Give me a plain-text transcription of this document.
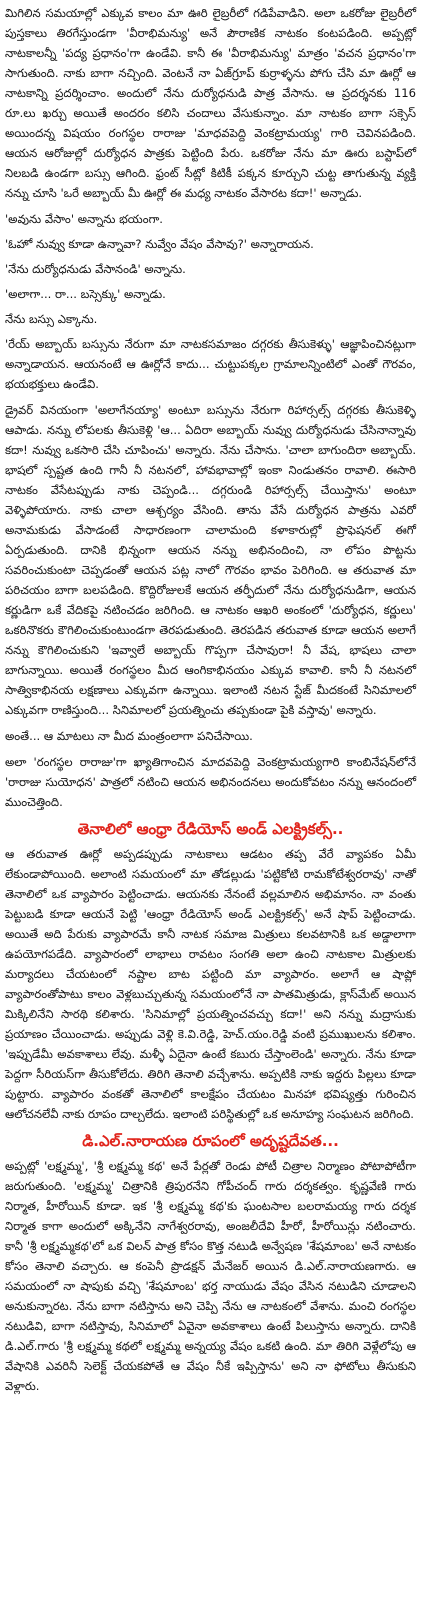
మిగిలిన సమయాల్లో ఎక్కువ కాలం మా ఊరి లైబ్రరీలో గడిపేవాడిని. అలా ఒకరోజు లైబ్రరీలో పుస్తకాలు తిరగేస్తుండగా 'వీరాభిమన్యు' అనే పౌరాణిక నాటకం కంటపడింది. అప్పట్లో నాటకాలన్నీ 'పద్య ప్రధానం'గా ఉండేవి. కానీ ఈ 'వీరాభిమన్యు' మాత్రం 'వచన ప్రధానం'గా సాగుతుంది. నాకు బాగా నచ్చింది. వెంటనే నా ఏజ్‌గ్రూప్ కుర్రాళ్ళను పోగు చేసి మా ఊర్లో ఆ నాటకాన్ని ప్రదర్శించాం. అందులో నేను దుర్యోధనుడి పాత్ర వేసాను. ఆ ప్రదర్శనకు 116 రూ.లు ఖర్చు అయితే అందరం కలిసి చందాలు వేసుకున్నాం. మా నాటకం బాగా సక్సెస్ అయిందన్న విషయం రంగస్థల రారాజు 'మాధవపెద్ది వెంకట్రామయ్య' గారి చెవినపడింది. ఆయన ఆరోజుల్లో దుర్యోధన పాత్రకు పెట్టింది పేరు. ఒకరోజు నేను మా ఊరు బస్టాప్‌లో నిలబడి ఉండగా బస్సు ఆగింది. ఫ్రంట్ సీట్లో కిటికీ పక్కన కూర్చుని చుట్ట తాగుతున్న వ్యక్తి నన్ను చూసి 'ఒరే అబ్బాయ్ మీ ఊర్లో ఈ మధ్య నాటకం వేసారట కదా!' అన్నాడు.

'అవును వేసాం' అన్నాను భయంగా.

'ఓహో నువ్వు కూడా ఉన్నావా? నువ్వేం వేషం వేసావు?' అన్నారాయన.

'నేను దుర్యోధనుడు వేసానండి' అన్నాను.

'అలాగా... రా... బస్సెక్కు' అన్నాడు.

నేను బస్సు ఎక్కాను.

'రేయ్ అబ్బాయ్ బస్సును నేరుగా మా నాటకసమాజం దగ్గరకు తీసుకెళ్ళు' ఆజ్ఞాపించినట్లుగా అన్నాడాయన. ఆయనంటే ఆ ఊర్లోనే కాదు... చుట్టుపక్కల గ్రామాలన్నింటిలో ఎంతో గౌరవం, భయభక్తులు ఉండేవి.

డ్రైవర్ వినయంగా 'అలాగేనయ్యా' అంటూ బస్సును నేరుగా రిహార్సల్స్ దగ్గరకు తీసుకెళ్ళి ఆపాడు. నన్ను లోపలకు తీసుకెళ్లి 'ఆ... ఏదిరా అబ్బాయ్ నువ్వు దుర్యోధనుడు చేసినాన్నావు కదా! నువ్వు ఒకసారి చేసి చూపించు' అన్నారు. నేను చేసాను. 'చాలా బాగుందిరా అబ్బాయ్. భాషలో స్పష్టత ఉంది గానీ నీ నటనలో, హావభావాల్లో ఇంకా నిండుతనం రావాలి. ఈసారి నాటకం వేసేటప్పుడు నాకు చెప్పండి... దగ్గరుండి రిహార్సల్స్ చేయిస్తాను' అంటూ వెళ్ళిపోయారు. నాకు చాలా ఆశ్చర్యం వేసింది. తాను వేసే దుర్యోధన పాత్రను ఎవరో అనామకుడు వేసాడంటే సాధారణంగా చాలామంది కళాకారుల్లో ప్రొఫెషనల్ ఈగో ఏర్పడుతుంది. దానికి భిన్నంగా ఆయన నన్ను అభినందించి, నా లోపం పొట్టను సవరించుకుంటా చెప్పడంతో ఆయన పట్ల నాలో గౌరవం భావం పెరిగింది. ఆ తరువాత మా పరిచయం బాగా బలపడింది. కొద్దిరోజులకే ఆయన తర్ఫీదులో నేను దుర్యోధనుడిగా, ఆయన కర్ణుడిగా ఒకే వేదికపై నటించడం జరిగింది. ఆ నాటకం ఆఖరి అంకంలో 'దుర్యోధన, కర్ణులు' ఒకరినొకరు కౌగిలించుకుంటుండగా తెరపడుతుంది. తెరపడిన తరువాత కూడా ఆయన అలాగే నన్ను కౌగిలించుకుని 'ఇవ్వాలే అబ్బాయ్ గొప్పగా చేసావురా! నీ వేష, భాషలు చాలా బాగున్నాయి. అయితే రంగస్థలం మీద ఆంగికాభినయం ఎక్కువ కావాలి. కానీ నీ నటనలో సాత్వికాభినయ లక్షణాలు ఎక్కువగా ఉన్నాయి. ఇలాంటి నటన స్టేజ్ మీదకంటే సినిమాలలో ఎక్కువగా రాణిస్తుంది... సినిమాలలో ప్రయత్నించు తప్పకుండా పైకి వస్తావు' అన్నారు.

అంతే... ఆ మాటలు నా మీద మంత్రంలాగా పనిచేసాయి.

అలా 'రంగస్థల రారాజు'గా ఖ్యాతిగాంచిన మాదవపెద్ది వెంకట్రామయ్యగారి కాంబినేషన్‌లోనే 'రారాజు సుయోధన' పాత్రలో నటించి ఆయన అభినందనలు అందుకోవటం నన్ను ఆనందంలో ముంచెత్తింది.

తెనాలిలో ఆంధ్రా రేడియోస్ అండ్ ఎలక్ట్రికల్స్..

ఆ తరువాత ఊర్లో అప్పడప్పుడు నాటకాలు ఆడటం తప్ప వేరే వ్యాపకం ఏమీ లేకుండాపోయింది. అలాంటి సమయంలో మా తోడల్లుడు 'పట్టికోటి రామకోటేశ్వరరావు' నాతో తెనాలిలో ఒక వ్యాపారం పెట్టించాడు. ఆయనకు నేనంటే వల్లమాలిన అభిమానం. నా వంతు పెట్టుబడి కూడా ఆయనే పెట్టి 'ఆంధ్రా రేడియోస్ అండ్ ఎలక్ట్రికల్స్' అనే షాప్ పెట్టించాడు. అయితే అది పేరుకు వ్యాపారమే కానీ నాటక సమాజ మిత్రులు కలవటానికి ఒక అడ్డాలాగా ఉపయోగపడేది. వ్యాపారంలో లాభాలు రావటం సంగతి అలా ఉంచి నాటకాల మిత్రులకు మర్యాదలు చేయటంలో నష్టాల బాట పట్టింది మా వ్యాపారం. అలాగే ఆ షాప్లో వ్యాపారంతోపాటు కాలం వెళ్లబుచ్చుతున్న సమయంలోనే నా పాతమిత్రుడు, క్లాస్‌మేట్ అయిన మిక్కిలినేని సారథి కలిశారు. 'సినిమాల్లో ప్రయత్నించవచ్చు కదా!' అని నన్ను మద్రాసుకు ప్రయాణం చేయించాడు. అప్పుడు వెళ్లి కె.వి.రెడ్డి, హెచ్.యం.రెడ్డి వంటి ప్రముఖులను కలిశాం. 'ఇప్పుడేమీ అవకాశాలు లేవు. మళ్ళీ ఏదైనా ఉంటే కబురు చేస్తాంలెండి' అన్నారు. నేను కూడా పెద్దగా సీరియస్‌గా తీసుకోలేదు. తిరిగి తెనాలి వచ్చేశాను. అప్పటికి నాకు ఇద్దరు పిల్లలు కూడా పుట్టారు. వ్యాపారం వంకతో తెనాలిలో కాలక్షేపం చేయటం మినహా భవిష్యత్తు గురించిన ఆలోచనలేవీ నాకు రూపం దాల్చలేదు. ఇలాంటి పరిస్థితుల్లో ఒక అనూహ్య సంఘటన జరిగింది.

డి.ఎల్.నారాయణ రూపంలో అదృష్టదేవత...

అప్పట్లో 'లక్ష్మమ్మ', 'శ్రీ లక్ష్మమ్మ కథ' అనే పేర్లతో రెండు పోటీ చిత్రాల నిర్మాణం పోటాపోటీగా జరుగుతుంది. 'లక్ష్మమ్మ' చిత్రానికి త్రిపురనేని గోపీచంద్ గారు దర్శకత్వం. కృష్ణవేణి గారు నిర్మాత, హీరోయిన్ కూడా. ఇక 'శ్రీ లక్ష్మమ్మ కథ'కు ఘంటసాల బలరామయ్య గారు దర్శక నిర్మాత కాగా అందులో అక్కినేని నాగేశ్వరరావు, అంజలీదేవి హీరో, హీరోయిన్లు నటించారు. కానీ 'శ్రీ లక్ష్మమ్మకథ'లో ఒక విలన్ పాత్ర కోసం కొత్త నటుడి అన్వేషణ 'శేషమాంబ' అనే నాటకం కోసం తెనాలి వచ్చారు. ఆ కంపెనీ ప్రొడక్షన్ మేనేజర్ అయిన డి.ఎల్.నారాయణగారు. ఆ సమయంలో నా షాపుకు వచ్చి 'శేషమాంబ' భర్త నాయుడు వేషం వేసిన నటుడిని చూడాలని అనుకున్నారట. నేను బాగా నటిస్తాను అని చెప్పి నేను ఆ నాటకంలో వేశాను. మంచి రంగస్థల నటుడివి, బాగా నటిస్తావు, సినిమాలో ఏవైనా అవకాశాలు ఉంటే పిలుస్తాను అన్నారు. దానికి డి.ఎల్.గారు 'శ్రీ లక్ష్మమ్మ కథలో లక్ష్మమ్మ అన్నయ్య వేషం ఒకటి ఉంది. మా తిరిగి వెళ్లేలోపు ఆ వేషానికి ఎవరినీ సెలెక్ట్ చేయకపోతే ఆ వేషం నీకే ఇప్పిస్తాను' అని నా ఫోటోలు తీసుకుని వెళ్లారు.
